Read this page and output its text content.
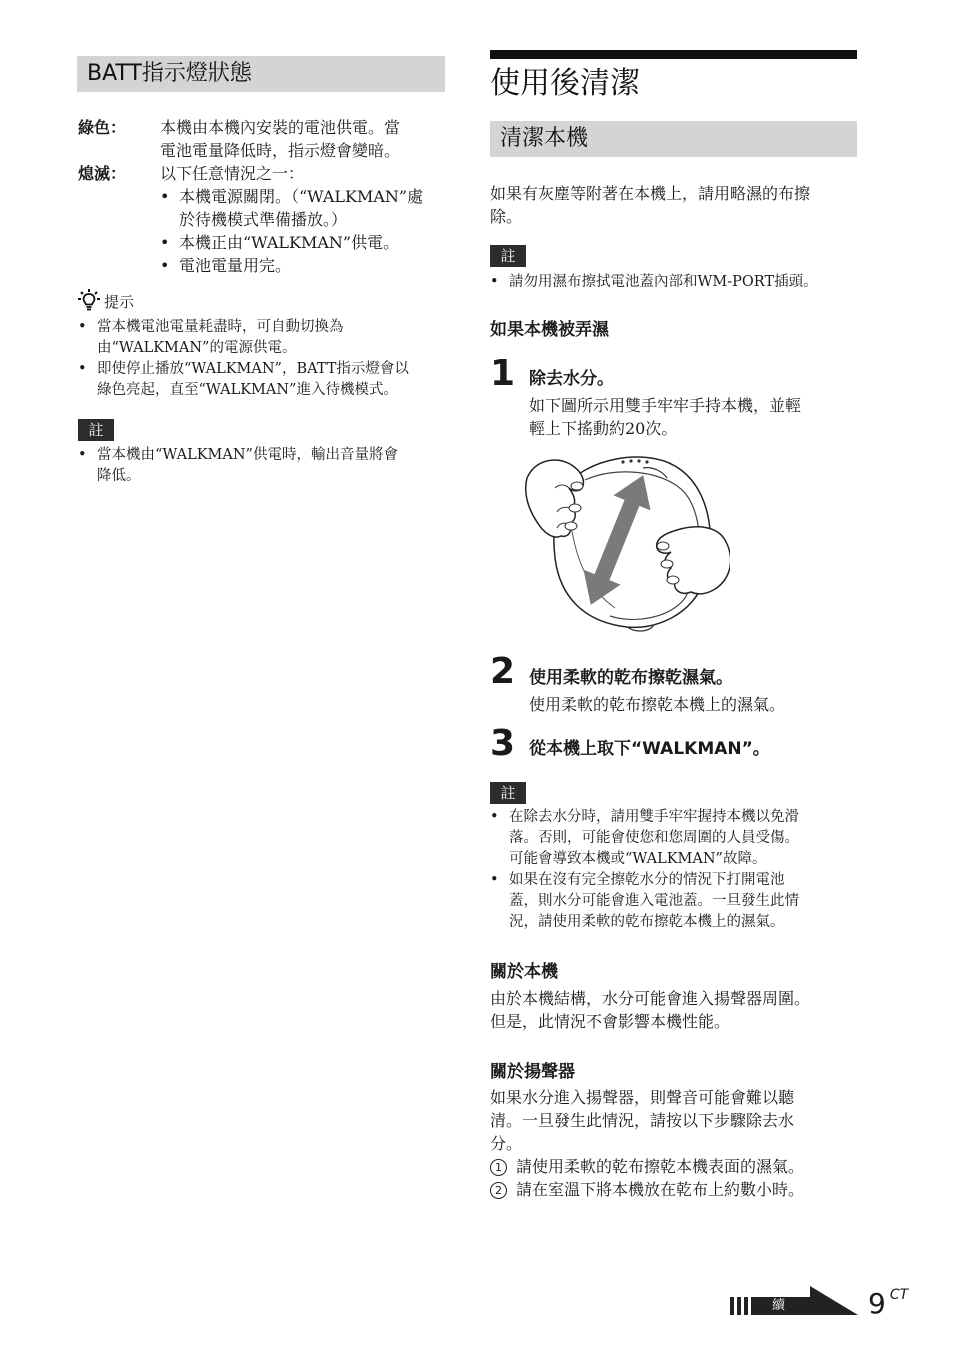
BATT指示燈狀態
綠色： 本機由本機內安裝的電池供電。當
電池電量降低時，指示燈會變暗。
熄滅： 以下任意情況之一：
• 本機電源關閉。（“WALKMAN”處
於待機模式準備播放。）
• 本機正由“WALKMAN”供電。
• 電池電量用完。
提示
• 當本機電池電量耗盡時，可自動切換為
由“WALKMAN”的電源供電。
• 即使停止播放“WALKMAN”，BATT指示燈會以
綠色亮起，直至“WALKMAN”進入待機模式。
註
• 當本機由“WALKMAN”供電時，輸出音量將會
降低。
使用後清潔
清潔本機
如果有灰塵等附著在本機上，請用略濕的布擦
除。
註
• 請勿用濕布擦拭電池蓋內部和WM-PORT插頭。
如果本機被弄濕
1 除去水分。
如下圖所示用雙手牢牢手持本機，並輕
輕上下搖動約20次。
2 使用柔軟的乾布擦乾濕氣。
使用柔軟的乾布擦乾本機上的濕氣。
3 從本機上取下“WALKMAN”。
註
• 在除去水分時，請用雙手牢牢握持本機以免滑
落。否則，可能會使您和您周圍的人員受傷。
可能會導致本機或“WALKMAN”故障。
• 如果在沒有完全擦乾水分的情況下打開電池
蓋，則水分可能會進入電池蓋。一旦發生此情
況，請使用柔軟的乾布擦乾本機上的濕氣。
關於本機
由於本機結構，水分可能會進入揚聲器周圍。
但是，此情況不會影響本機性能。
關於揚聲器
如果水分進入揚聲器，則聲音可能會難以聽
清。一旦發生此情況，請按以下步驟除去水
分。
1 請使用柔軟的乾布擦乾本機表面的濕氣。
2 請在室溫下將本機放在乾布上約數小時。
續	9 CT
